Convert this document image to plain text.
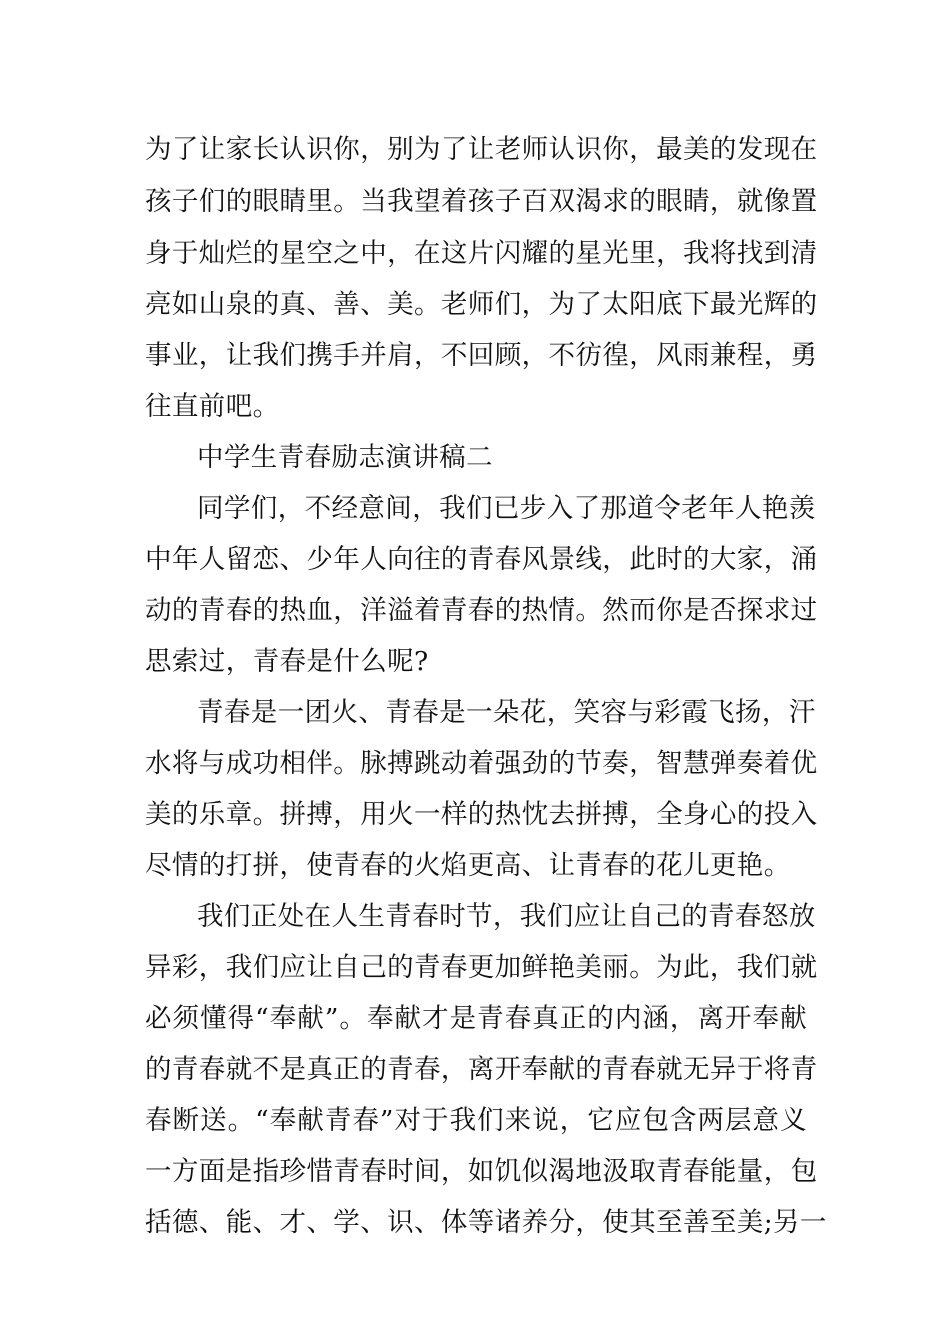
为了让家长认识你，别为了让老师认识你，最美的发现在
孩子们的眼睛里。当我望着孩子百双渴求的眼睛，就像置
身于灿烂的星空之中，在这片闪耀的星光里，我将找到清
亮如山泉的真、善、美。老师们，为了太阳底下最光辉的
事业，让我们携手并肩，不回顾，不彷徨，风雨兼程，勇
往直前吧。
中学生青春励志演讲稿二
同学们，不经意间，我们已步入了那道令老年人艳羡
中年人留恋、少年人向往的青春风景线，此时的大家，涌
动的青春的热血，洋溢着青春的热情。然而你是否探求过
思索过，青春是什么呢?
青春是一团火、青春是一朵花，笑容与彩霞飞扬，汗
水将与成功相伴。脉搏跳动着强劲的节奏，智慧弹奏着优
美的乐章。拼搏，用火一样的热忱去拼搏，全身心的投入
尽情的打拼，使青春的火焰更高、让青春的花儿更艳。
我们正处在人生青春时节，我们应让自己的青春怒放
异彩，我们应让自己的青春更加鲜艳美丽。为此，我们就
必须懂得“奉献”。奉献才是青春真正的内涵，离开奉献
的青春就不是真正的青春，离开奉献的青春就无异于将青
春断送。“奉献青春”对于我们来说，它应包含两层意义
一方面是指珍惜青春时间，如饥似渴地汲取青春能量，包
括德、能、才、学、识、体等诸养分，使其至善至美;另一
